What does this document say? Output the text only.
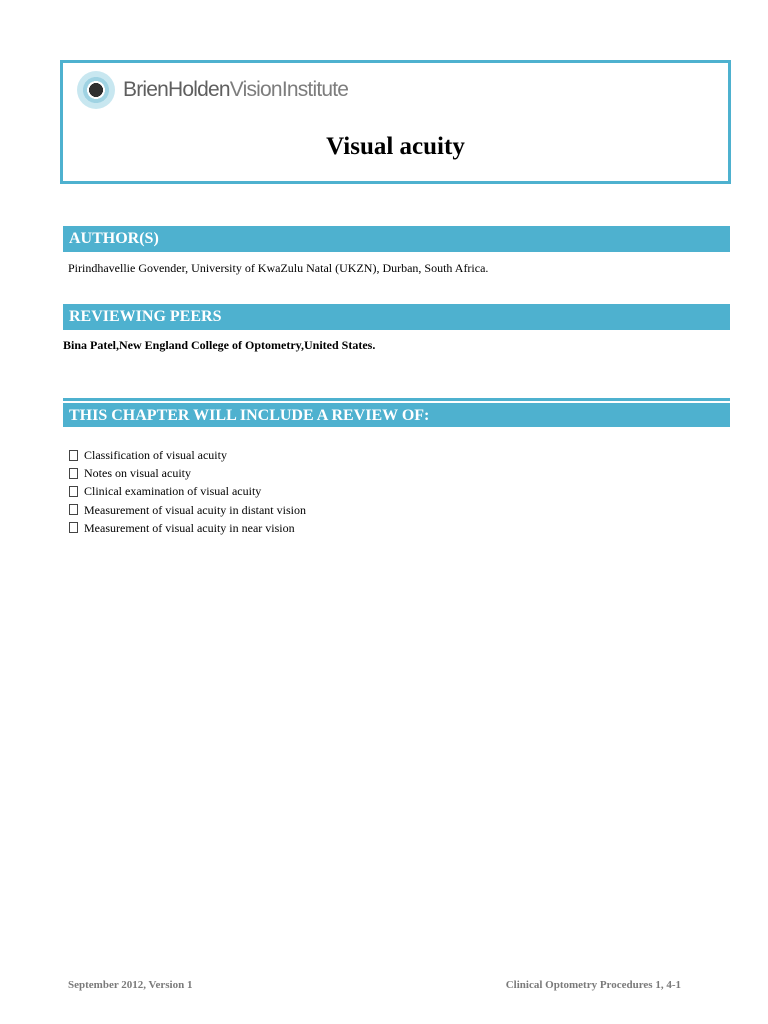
BrienHoldenVisionInstitute
Visual acuity
AUTHOR(S)

Pirindhavellie Govender, University of KwaZulu Natal (UKZN), Durban, South Africa.

REVIEWING PEERS

Bina Patel,New England College of Optometry,United States.

THIS CHAPTER WILL INCLUDE A REVIEW OF:
Classification of visual acuity
Notes on visual acuity
Clinical examination of visual acuity
Measurement of visual acuity in distant vision
Measurement of visual acuity in near vision
September 2012, Version 1	Clinical Optometry Procedures 1, 4-1
